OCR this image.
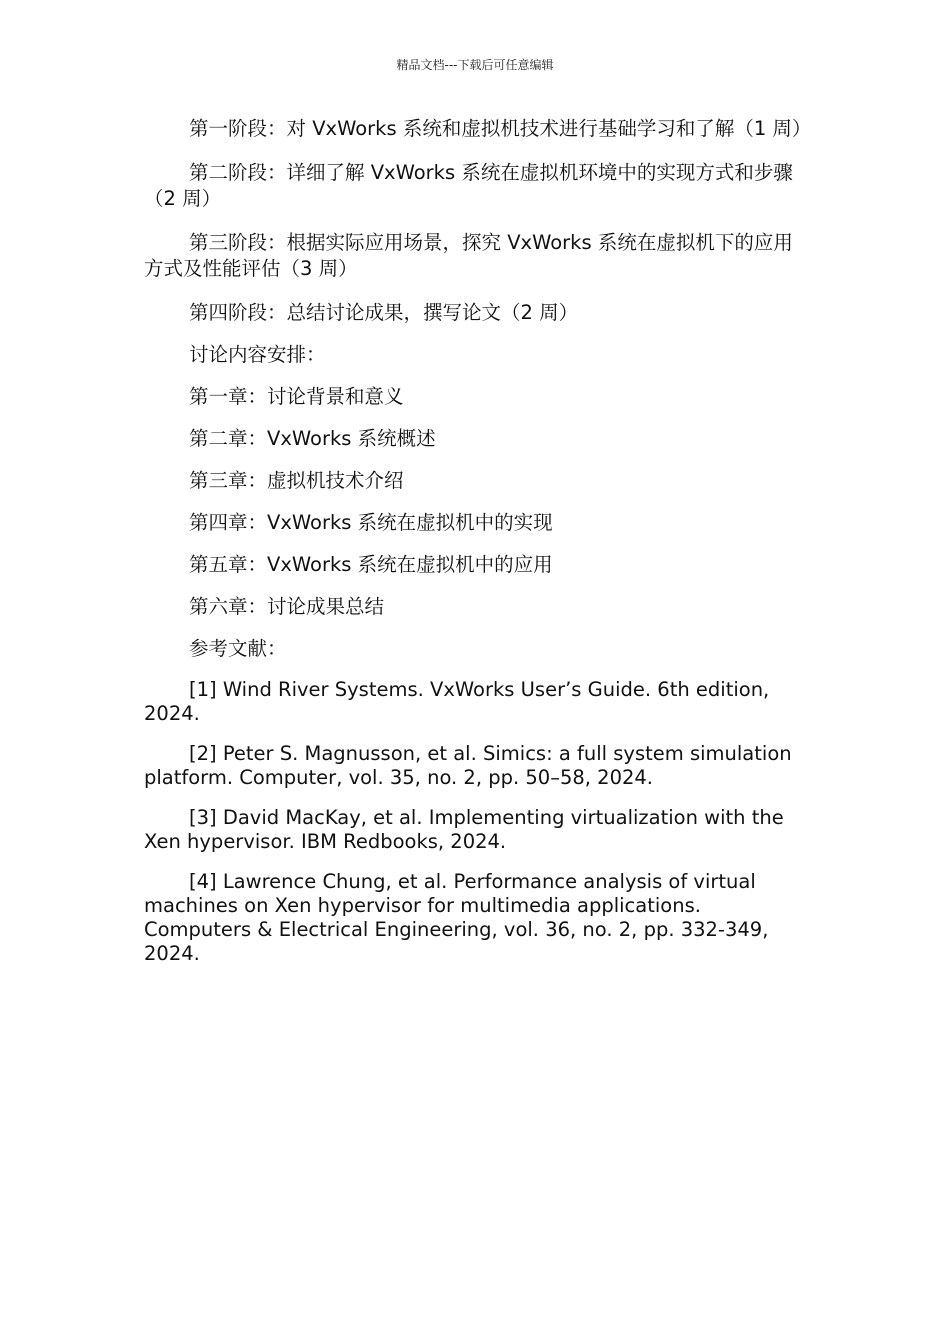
精品文档---下载后可任意编辑

第一阶段：对 VxWorks 系统和虚拟机技术进行基础学习和了解（1 周）

第二阶段：详细了解 VxWorks 系统在虚拟机环境中的实现方式和步骤（2 周）

第三阶段：根据实际应用场景，探究 VxWorks 系统在虚拟机下的应用方式及性能评估（3 周）

第四阶段：总结讨论成果，撰写论文（2 周）

讨论内容安排：

第一章：讨论背景和意义

第二章：VxWorks 系统概述

第三章：虚拟机技术介绍

第四章：VxWorks 系统在虚拟机中的实现

第五章：VxWorks 系统在虚拟机中的应用

第六章：讨论成果总结

参考文献：

[1] Wind River Systems. VxWorks User’s Guide. 6th edition, 2024.

[2] Peter S. Magnusson, et al. Simics: a full system simulation platform. Computer, vol. 35, no. 2, pp. 50–58, 2024.

[3] David MacKay, et al. Implementing virtualization with the Xen hypervisor. IBM Redbooks, 2024.

[4] Lawrence Chung, et al. Performance analysis of virtual machines on Xen hypervisor for multimedia applications. Computers & Electrical Engineering, vol. 36, no. 2, pp. 332-349, 2024.
